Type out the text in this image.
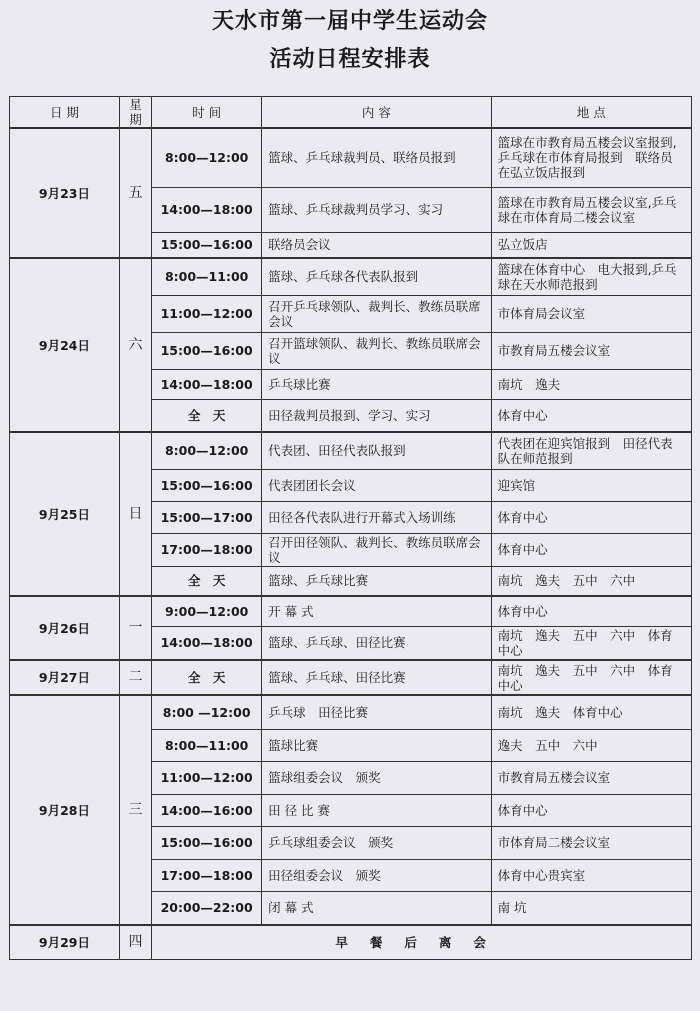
天水市第一届中学生运动会
活动日程安排表
日 期	星期	时 间	内 容	地 点
9月23日	五	8:00—12:00	篮球、乒乓球裁判员、联络员报到	篮球在市教育局五楼会议室报到,乒乓球在市体育局报到　联络员在弘立饭店报到
		14:00—18:00	篮球、乒乓球裁判员学习、实习	篮球在市教育局五楼会议室,乒乓球在市体育局二楼会议室
		15:00—16:00	联络员会议	弘立饭店
9月24日	六	8:00—11:00	篮球、乒乓球各代表队报到	篮球在体育中心　电大报到,乒乓球在天水师范报到
		11:00—12:00	召开乒乓球领队、裁判长、教练员联席会议	市体育局会议室
		15:00—16:00	召开篮球领队、裁判长、教练员联席会议	市教育局五楼会议室
		14:00—18:00	乒乓球比赛	南坑　逸夫
		全　天	田径裁判员报到、学习、实习	体育中心
9月25日	日	8:00—12:00	代表团、田径代表队报到	代表团在迎宾馆报到　田径代表队在师范报到
		15:00—16:00	代表团团长会议	迎宾馆
		15:00—17:00	田径各代表队进行开幕式入场训练	体育中心
		17:00—18:00	召开田径领队、裁判长、教练员联席会议	体育中心
		全　天	篮球、乒乓球比赛	南坑　逸夫　五中　六中
9月26日	一	9:00—12:00	开 幕 式	体育中心
		14:00—18:00	篮球、乒乓球、田径比赛	南坑　逸夫　五中　六中　体育中心
9月27日	二	全　天	篮球、乒乓球、田径比赛	南坑　逸夫　五中　六中　体育中心
9月28日	三	8:00 —12:00	乒乓球　田径比赛	南坑　逸夫　体育中心
		8:00—11:00	篮球比赛	逸夫　五中　六中
		11:00—12:00	篮球组委会议　颁奖	市教育局五楼会议室
		14:00—16:00	田 径 比 赛	体育中心
		15:00—16:00	乒乓球组委会议　颁奖	市体育局二楼会议室
		17:00—18:00	田径组委会议　颁奖	体育中心贵宾室
		20:00—22:00	闭 幕 式	南 坑
9月29日	四	早餐后离会		
